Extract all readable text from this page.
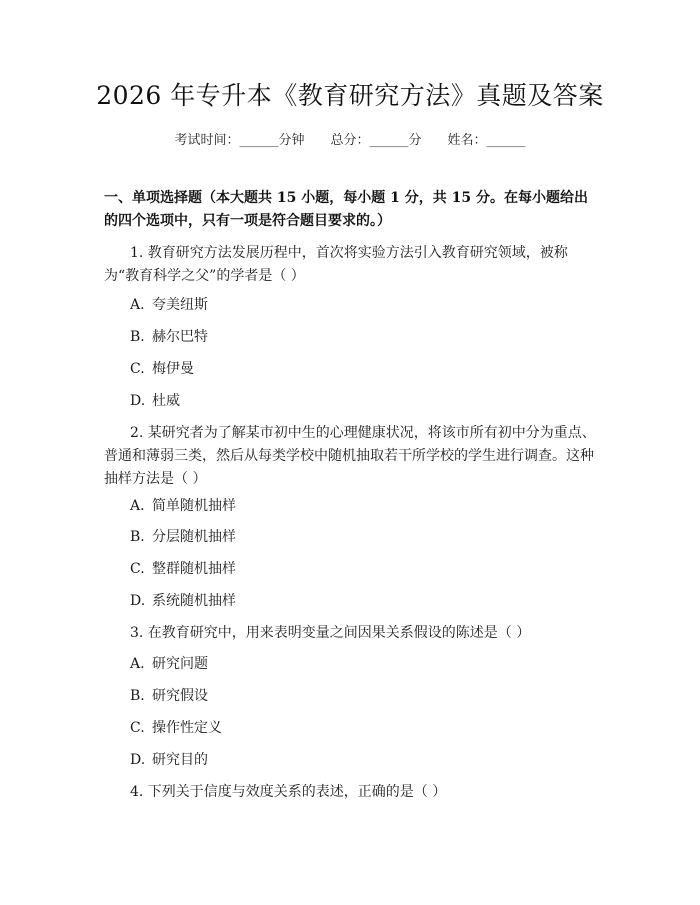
2026 年专升本《教育研究方法》真题及答案
考试时间：______分钟 总分：______分 姓名：______
一、单项选择题（本大题共 15 小题，每小题 1 分，共 15 分。在每小题给出的四个选项中，只有一项是符合题目要求的。）
1. 教育研究方法发展历程中，首次将实验方法引入教育研究领域，被称为“教育科学之父”的学者是（ ）
A. 夸美纽斯
B. 赫尔巴特
C. 梅伊曼
D. 杜威
2. 某研究者为了解某市初中生的心理健康状况，将该市所有初中分为重点、普通和薄弱三类，然后从每类学校中随机抽取若干所学校的学生进行调查。这种抽样方法是（ ）
A. 简单随机抽样
B. 分层随机抽样
C. 整群随机抽样
D. 系统随机抽样
3. 在教育研究中，用来表明变量之间因果关系假设的陈述是（ ）
A. 研究问题
B. 研究假设
C. 操作性定义
D. 研究目的
4. 下列关于信度与效度关系的表述，正确的是（ ）
